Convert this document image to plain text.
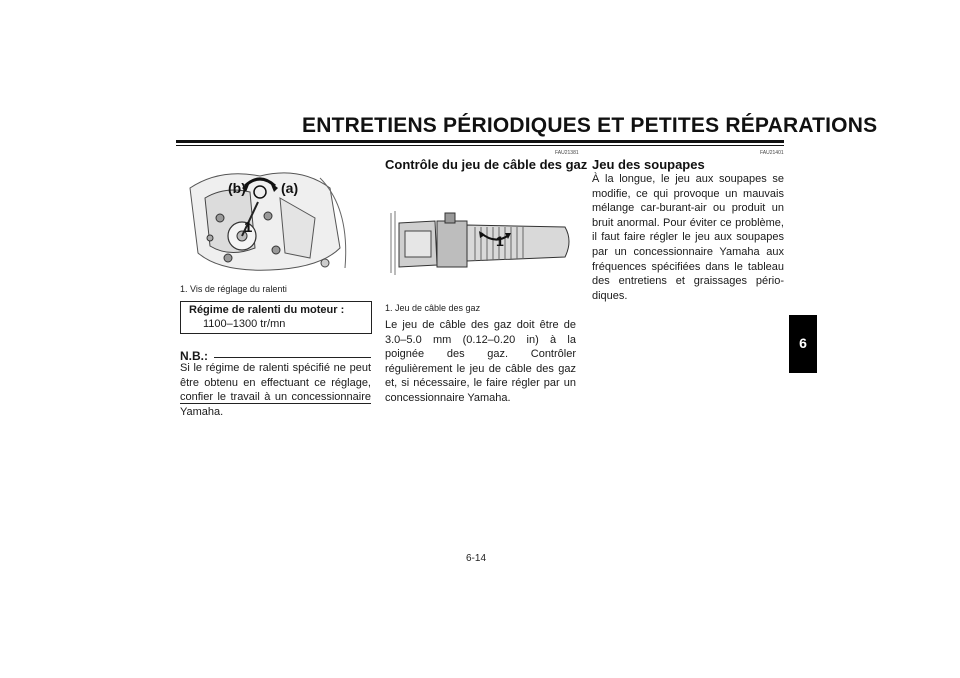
ENTRETIENS PÉRIODIQUES ET PETITES RÉPARATIONS
(b)	(a)
1
1. Vis de réglage du ralenti
Régime de ralenti du moteur :
1100–1300 tr/mn
N.B.:
Si le régime de ralenti spécifié ne peut être obtenu en effectuant ce réglage, confier le travail à un concessionnaire Yamaha.
FAU21381
Contrôle du jeu de câble des gaz
1
1. Jeu de câble des gaz
Le jeu de câble des gaz doit être de 3.0–5.0 mm (0.12–0.20 in) à la poignée des gaz. Contrôler régulièrement le jeu de câble des gaz et, si nécessaire, le faire régler par un concessionnaire Yamaha.
FAU21401
Jeu des soupapes
À la longue, le jeu aux soupapes se modifie, ce qui provoque un mauvais mélange car-burant-air ou produit un bruit anormal. Pour éviter ce problème, il faut faire régler le jeu aux soupapes par un concessionnaire Yamaha aux fréquences spécifiées dans le tableau des entretiens et graissages pério-diques.
6
6-14
